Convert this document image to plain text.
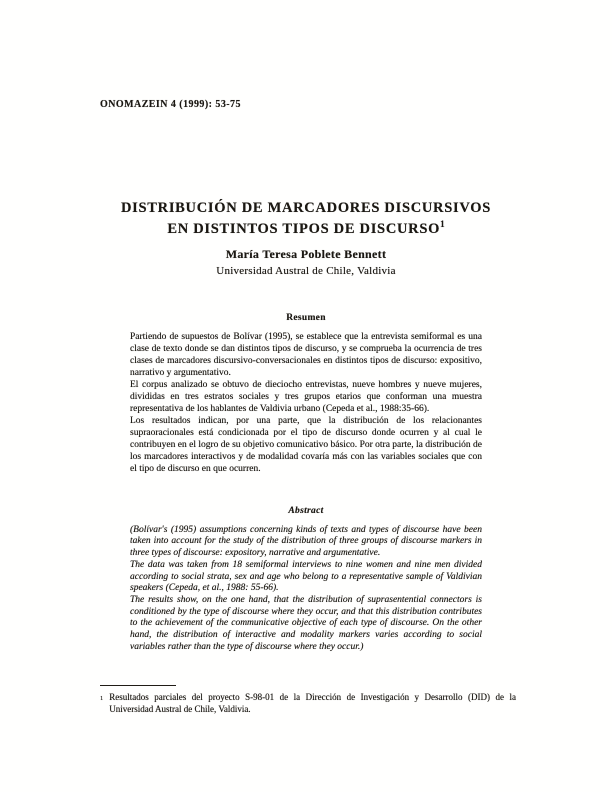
ONOMAZEIN 4 (1999): 53-75
DISTRIBUCIÓN DE MARCADORES DISCURSIVOS
EN DISTINTOS TIPOS DE DISCURSO$^1$
María Teresa Poblete Bennett
Universidad Austral de Chile, Valdivia
Resumen

Partiendo de supuestos de Bolívar (1995), se establece que la entrevista semiformal es una clase de texto donde se dan distintos tipos de discurso, y se comprueba la ocurrencia de tres clases de marcadores discursivo-conversacionales en distintos tipos de discurso: expositivo, narrativo y argumentativo.

El corpus analizado se obtuvo de dieciocho entrevistas, nueve hombres y nueve mujeres, divididas en tres estratos sociales y tres grupos etarios que conforman una muestra representativa de los hablantes de Valdivia urbano (Cepeda et al., 1988:35-66).

Los resultados indican, por una parte, que la distribución de los relacionantes supraoracionales está condicionada por el tipo de discurso donde ocurren y al cual le contribuyen en el logro de su objetivo comunicativo básico. Por otra parte, la distribución de los marcadores interactivos y de modalidad covaría más con las variables sociales que con el tipo de discurso en que ocurren.

Abstract

(Bolívar's (1995) assumptions concerning kinds of texts and types of discourse have been taken into account for the study of the distribution of three groups of discourse markers in three types of discourse: expository, narrative and argumentative.

The data was taken from 18 semiformal interviews to nine women and nine men divided according to social strata, sex and age who belong to a representative sample of Valdivian speakers (Cepeda, et al., 1988: 55-66).

The results show, on the one hand, that the distribution of suprasentential connectors is conditioned by the type of discourse where they occur, and that this distribution contributes to the achievement of the communicative objective of each type of discourse. On the other hand, the distribution of interactive and modality markers varies according to social variables rather than the type of discourse where they occur.)

1 Resultados parciales del proyecto S-98-01 de la Dirección de Investigación y Desarrollo (DID) de la Universidad Austral de Chile, Valdivia.
